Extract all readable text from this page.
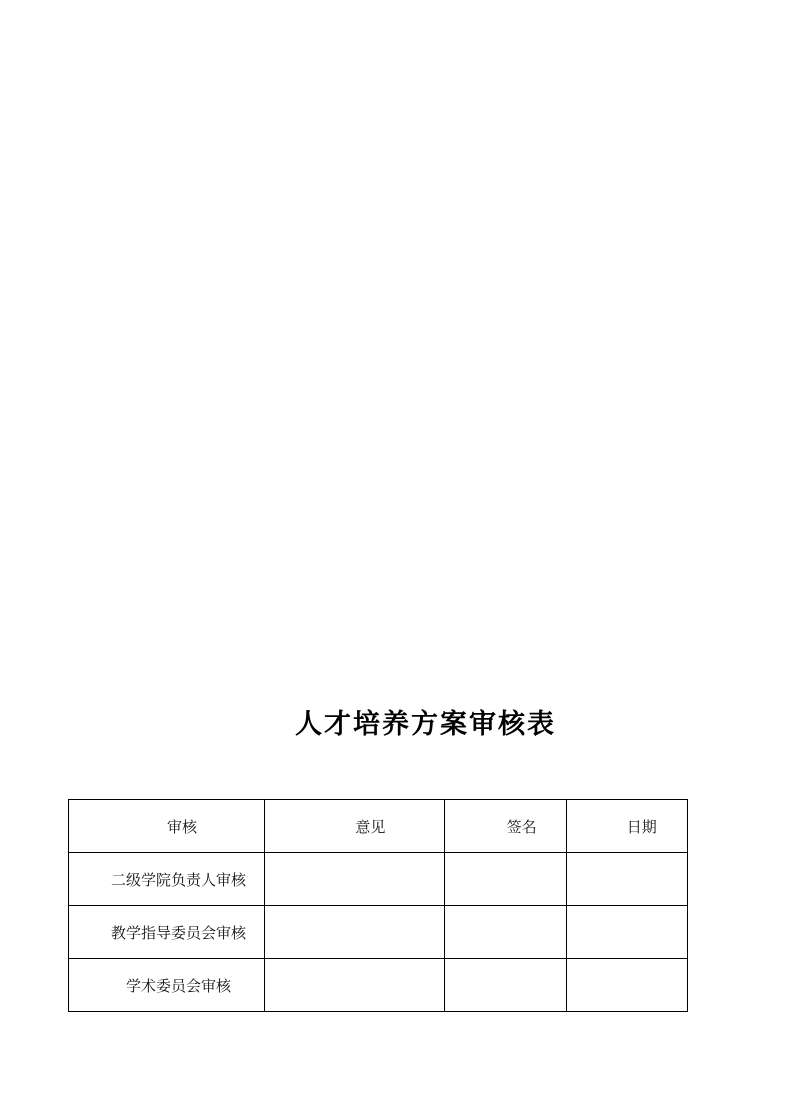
人才培养方案审核表
审核	意见	签名	日期
二级学院负责人审核			
教学指导委员会审核			
学术委员会审核			
